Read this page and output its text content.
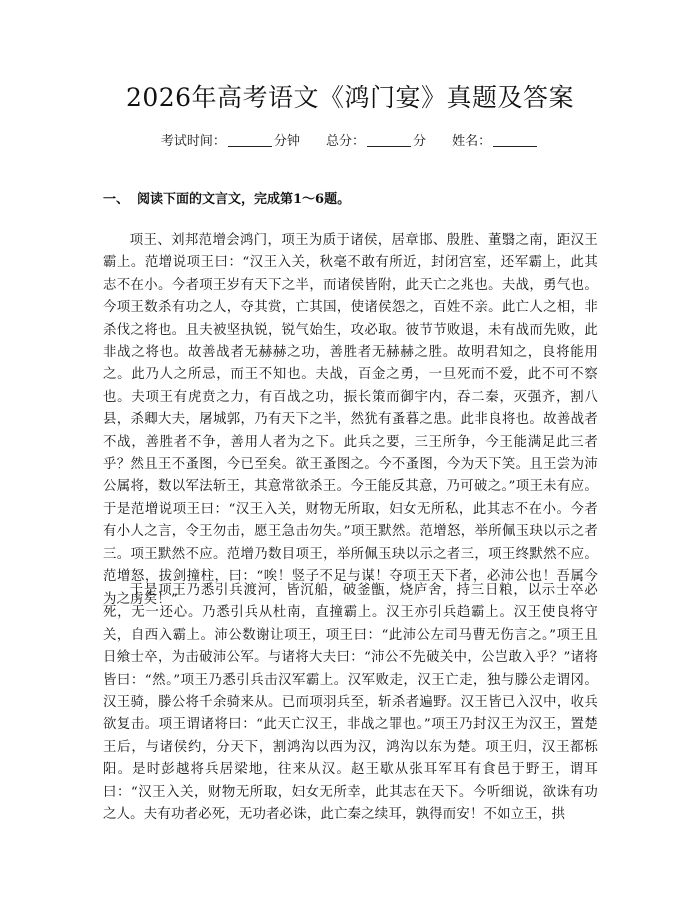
2026年高考语文《鸿门宴》真题及答案
考试时间：	分钟 总分：	分 姓名：
一、 阅读下面的文言文，完成第1～6题。

项王、刘邦范增会鸿门，项王为质于诸侯，居章邯、殷胜、董翳之南，距汉王霸上。范增说项王曰：“汉王入关，秋毫不敢有所近，封闭宫室，还军霸上，此其志不在小。今者项王岁有天下之半，而诸侯皆附，此天亡之兆也。夫战，勇气也。今项王数杀有功之人，夺其赏，亡其国，使诸侯怨之，百姓不亲。此亡人之相，非杀伐之将也。且夫被坚执锐，锐气始生，攻必取。彼节节败退，未有战而先败，此非战之将也。故善战者无赫赫之功，善胜者无赫赫之胜。故明君知之，良将能用之。此乃人之所忌，而王不知也。夫战，百金之勇，一旦死而不爱，此不可不察也。夫项王有虎贲之力，有百战之功，振长策而御宇内，吞二秦，灭强齐，割八县，杀卿大夫，屠城郭，乃有天下之半，然犹有蚤暮之患。此非良将也。故善战者不战，善胜者不争，善用人者为之下。此兵之要，三王所争，今王能满足此三者乎？然且王不蚤图，今已至矣。欲王蚤图之。今不蚤图，今为天下笑。且王尝为沛公属将，数以军法斩王，其意常欲杀王。今王能反其意，乃可破之。”项王未有应。于是范增说项王曰：“汉王入关，财物无所取，妇女无所私，此其志不在小。今者有小人之言，令王勿击，愿王急击勿失。”项王默然。范增怒，举所佩玉玦以示之者三。项王默然不应。范增乃数目项王，举所佩玉玦以示之者三，项王终默然不应。范增怒，拔剑撞柱，曰：“唉！竖子不足与谋！夺项王天下者，必沛公也！吾属今为之虏矣！”

于是项王乃悉引兵渡河，皆沉船，破釜甑，烧庐舍，持三日粮，以示士卒必死，无一还心。乃悉引兵从杜南，直撞霸上。汉王亦引兵趋霸上。汉王使良将守关，自西入霸上。沛公数谢让项王，项王曰：“此沛公左司马曹无伤言之。”项王且日飨士卒，为击破沛公军。与诸将大夫曰：“沛公不先破关中，公岂敢入乎？”诸将皆曰：“然。”项王乃悉引兵击汉军霸上。汉军败走，汉王亡走，独与滕公走谓冈。汉王骑，滕公将千余骑来从。已而项羽兵至，斩杀者遍野。汉王皆已入汉中，收兵欲复击。项王谓诸将曰：“此天亡汉王，非战之罪也。”项王乃封汉王为汉王，置楚王后，与诸侯约，分天下，割鸿沟以西为汉，鸿沟以东为楚。项王归，汉王都栎阳。是时彭越将兵居梁地，往来从汉。赵王歇从张耳军耳有食邑于野王，谓耳曰：“汉王入关，财物无所取，妇女无所幸，此其志在天下。今听细说，欲诛有功之人。夫有功者必死，无功者必诛，此亡秦之续耳，孰得而安！不如立王，拱
